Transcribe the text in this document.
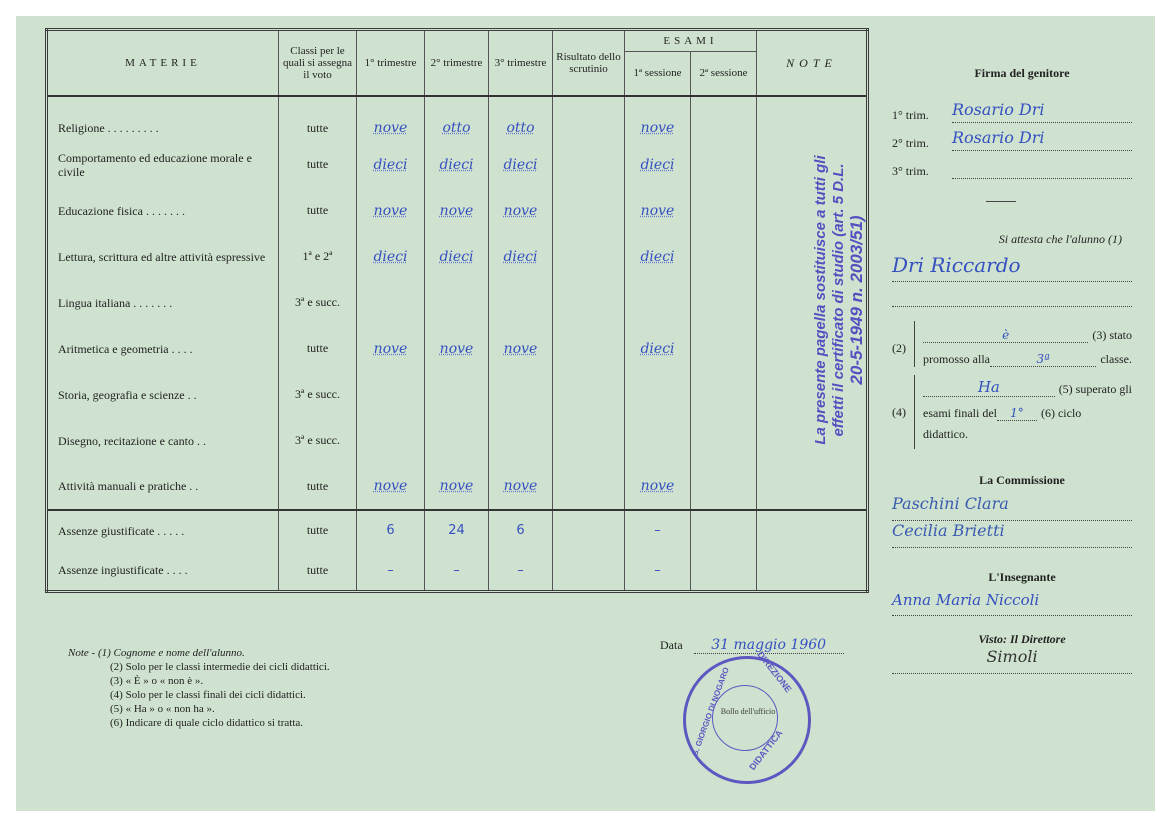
MATERIE	Classi per le quali si assegna il voto	1° trimestre	2° trimestre	3° trimestre	Risultato dello scrutinio	ESAMI		NOTE
						1ª sessione	2ª sessione	
Religione . . . . . . . . .	tutte	nove	otto	otto		nove		
Comportamento ed educazione morale e civile	tutte	dieci	dieci	dieci		dieci		
Educazione fisica . . . . . . .	tutte	nove	nove	nove		nove		
Lettura, scrittura ed altre attività espressive	1ª e 2ª	dieci	dieci	dieci		dieci		
Lingua italiana . . . . . . .	3ª e succ.							
Aritmetica e geometria . . . .	tutte	nove	nove	nove		dieci		
Storia, geografia e scienze . .	3ª e succ.							
Disegno, recitazione e canto . .	3ª e succ.							
Attività manuali e pratiche . .	tutte	nove	nove	nove		nove		
Assenze giustificate . . . . .	tutte	6	24	6		–		
Assenze ingiustificate . . . .	tutte	–	–	–		–		
La presente pagella sostituisce a tutti gli effetti il certificato di studio (art. 5 D.L. 20-5-1949 n. 2003/51)
Firma del genitore
1° trim.	Rosario Dri
2° trim.	Rosario Dri
3° trim.
Si attesta che l'alunno (1)
Dri Riccardo
(2)
è	(3) stato
promosso alla	3ª	classe.
(4)
Ha	(5) superato gli
esami finali del	1°	(6) ciclo
didattico.
La Commissione
Paschini Clara
Cecilia Brietti
L'Insegnante
Anna Maria Niccoli
Visto: Il Direttore
Simoli
Data 31 maggio 1960
Note - (1) Cognome e nome dell'alunno.
(2) Solo per le classi intermedie dei cicli didattici.
(3) « È » o « non è ».
(4) Solo per le classi finali dei cicli didattici.
(5) « Ha » o « non ha ».
(6) Indicare di quale ciclo didattico si tratta.
Bollo dell'ufficio
DIREZIONE
DIDATTICA
S. GIORGIO DI NOGARO
